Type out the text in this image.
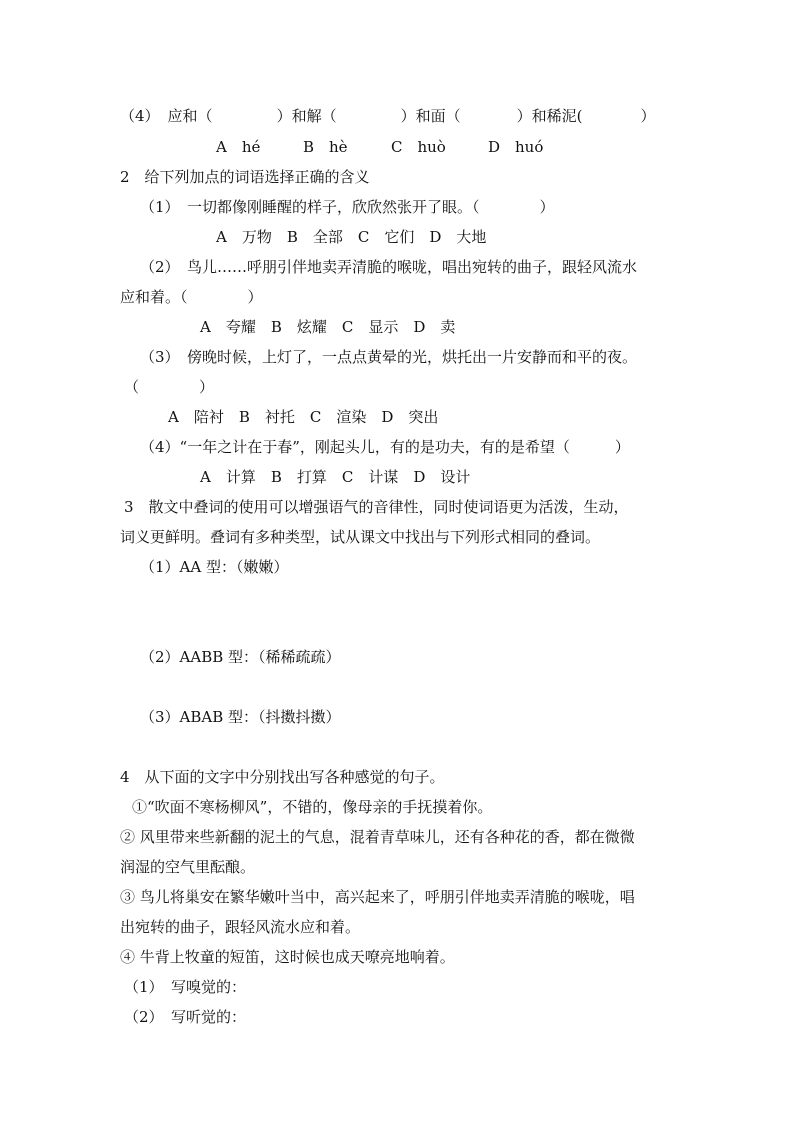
（4） 应和（	）和解（	）和面（	）和稀泥(	）
A　hé	B　hè	C　huò	D　huó
2　给下列加点的词语选择正确的含义
（1）　一切都像刚睡醒的样子，欣欣然张开了眼。（　　　　）
A　万物　B　全部　C　它们　D　大地
（2）　鸟儿……呼朋引伴地卖弄清脆的喉咙，唱出宛转的曲子，跟轻风流水
应和着。（　　　　）
A　夸耀　B　炫耀　C　显示　D　卖
（3）　傍晚时候，上灯了，一点点黄晕的光，烘托出一片安静而和平的夜。
（　　　　）
A　陪衬　B　衬托　C　渲染　D　突出
（4）“一年之计在于春”，刚起头儿，有的是功夫，有的是希望（　　　）
A　计算　B　打算　C　计谋　D　设计
3　散文中叠词的使用可以增强语气的音律性，同时使词语更为活泼，生动，
词义更鲜明。叠词有多种类型，试从课文中找出与下列形式相同的叠词。
（1）AA 型：（嫩嫩）
（2）AABB 型：（稀稀疏疏）
（3）ABAB 型：（抖擞抖擞）
4　从下面的文字中分别找出写各种感觉的句子。
①“吹面不寒杨柳风”，不错的，像母亲的手抚摸着你。
② 风里带来些新翻的泥土的气息，混着青草味儿，还有各种花的香，都在微微
润湿的空气里酝酿。
③ 鸟儿将巢安在繁华嫩叶当中，高兴起来了，呼朋引伴地卖弄清脆的喉咙，唱
出宛转的曲子，跟轻风流水应和着。
④ 牛背上牧童的短笛，这时候也成天嘹亮地响着。
（1）　写嗅觉的：
（2）　写听觉的：
